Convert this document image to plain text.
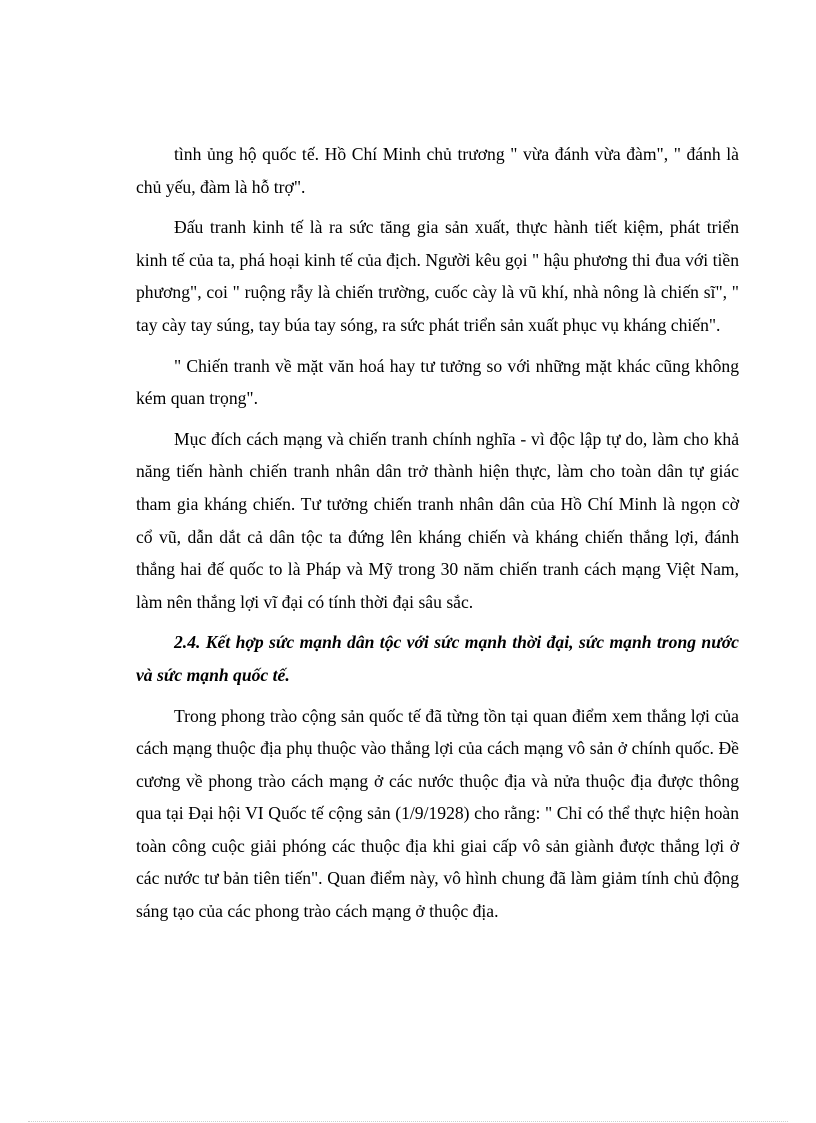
tình ủng hộ quốc tế. Hồ Chí Minh chủ trương " vừa đánh vừa đàm", " đánh là chủ yếu, đàm là hỗ trợ".

Đấu tranh kinh tế là ra sức tăng gia sản xuất, thực hành tiết kiệm, phát triển kinh tế của ta, phá hoại kinh tế của địch. Người kêu gọi " hậu phương thi đua với tiền phương", coi " ruộng rẫy là chiến trường, cuốc cày là vũ khí, nhà nông là chiến sĩ", " tay cày tay súng, tay búa tay sóng, ra sức phát triển sản xuất phục vụ kháng chiến".

" Chiến tranh về mặt văn hoá hay tư tưởng so với những mặt khác cũng không kém quan trọng".

Mục đích cách mạng và chiến tranh chính nghĩa - vì độc lập tự do, làm cho khả năng tiến hành chiến tranh nhân dân trở thành hiện thực, làm cho toàn dân tự giác tham gia kháng chiến. Tư tưởng chiến tranh nhân dân của Hồ Chí Minh là ngọn cờ cổ vũ, dẫn dắt cả dân tộc ta đứng lên kháng chiến và kháng chiến thắng lợi, đánh thắng hai đế quốc to là Pháp và Mỹ trong 30 năm chiến tranh cách mạng Việt Nam, làm nên thắng lợi vĩ đại có tính thời đại sâu sắc.

2.4. Kết hợp sức mạnh dân tộc với sức mạnh thời đại, sức mạnh trong nước và sức mạnh quốc tế.

Trong phong trào cộng sản quốc tế đã từng tồn tại quan điểm xem thắng lợi của cách mạng thuộc địa phụ thuộc vào thắng lợi của cách mạng vô sản ở chính quốc. Đề cương về phong trào cách mạng ở các nước thuộc địa và nửa thuộc địa được thông qua tại Đại hội VI Quốc tế cộng sản (1/9/1928) cho rằng: " Chỉ có thể thực hiện hoàn toàn công cuộc giải phóng các thuộc địa khi giai cấp vô sản giành được thắng lợi ở các nước tư bản tiên tiến". Quan điểm này, vô hình chung đã làm giảm tính chủ động sáng tạo của các phong trào cách mạng ở thuộc địa.
